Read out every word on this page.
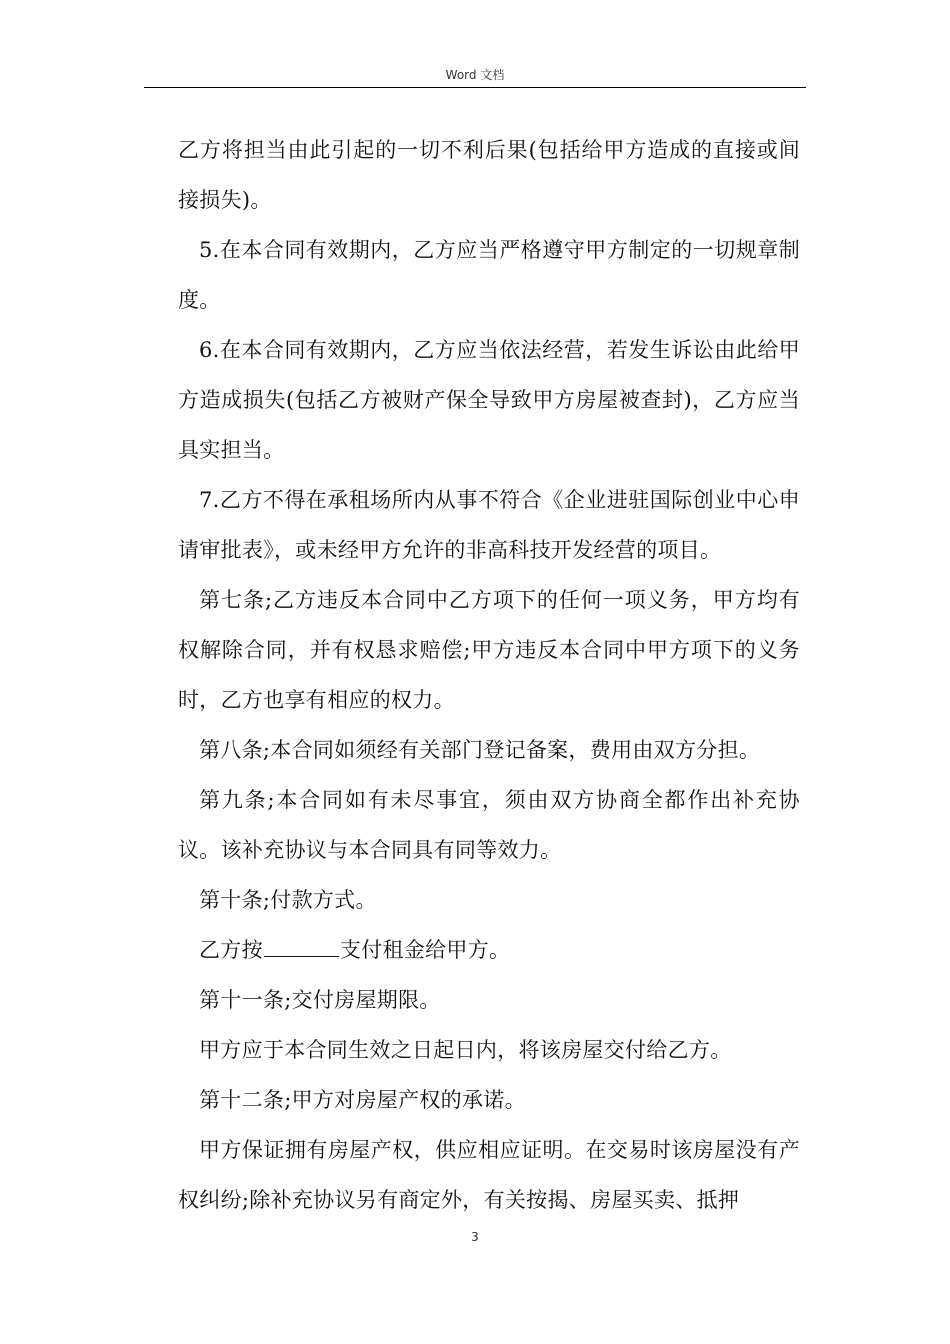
Word 文档

乙方将担当由此引起的一切不利后果(包括给甲方造成的直接或间接损失)。

5.在本合同有效期内，乙方应当严格遵守甲方制定的一切规章制度。

6.在本合同有效期内，乙方应当依法经营，若发生诉讼由此给甲方造成损失(包括乙方被财产保全导致甲方房屋被查封)，乙方应当具实担当。

7.乙方不得在承租场所内从事不符合《企业进驻国际创业中心申请审批表》，或未经甲方允许的非高科技开发经营的项目。

第七条;乙方违反本合同中乙方项下的任何一项义务，甲方均有权解除合同，并有权恳求赔偿;甲方违反本合同中甲方项下的义务时，乙方也享有相应的权力。

第八条;本合同如须经有关部门登记备案，费用由双方分担。

第九条;本合同如有未尽事宜，须由双方协商全都作出补充协议。该补充协议与本合同具有同等效力。

第十条;付款方式。

乙方按	支付租金给甲方。

第十一条;交付房屋期限。

甲方应于本合同生效之日起日内，将该房屋交付给乙方。

第十二条;甲方对房屋产权的承诺。

甲方保证拥有房屋产权，供应相应证明。在交易时该房屋没有产权纠纷;除补充协议另有商定外，有关按揭、房屋买卖、抵押

3
